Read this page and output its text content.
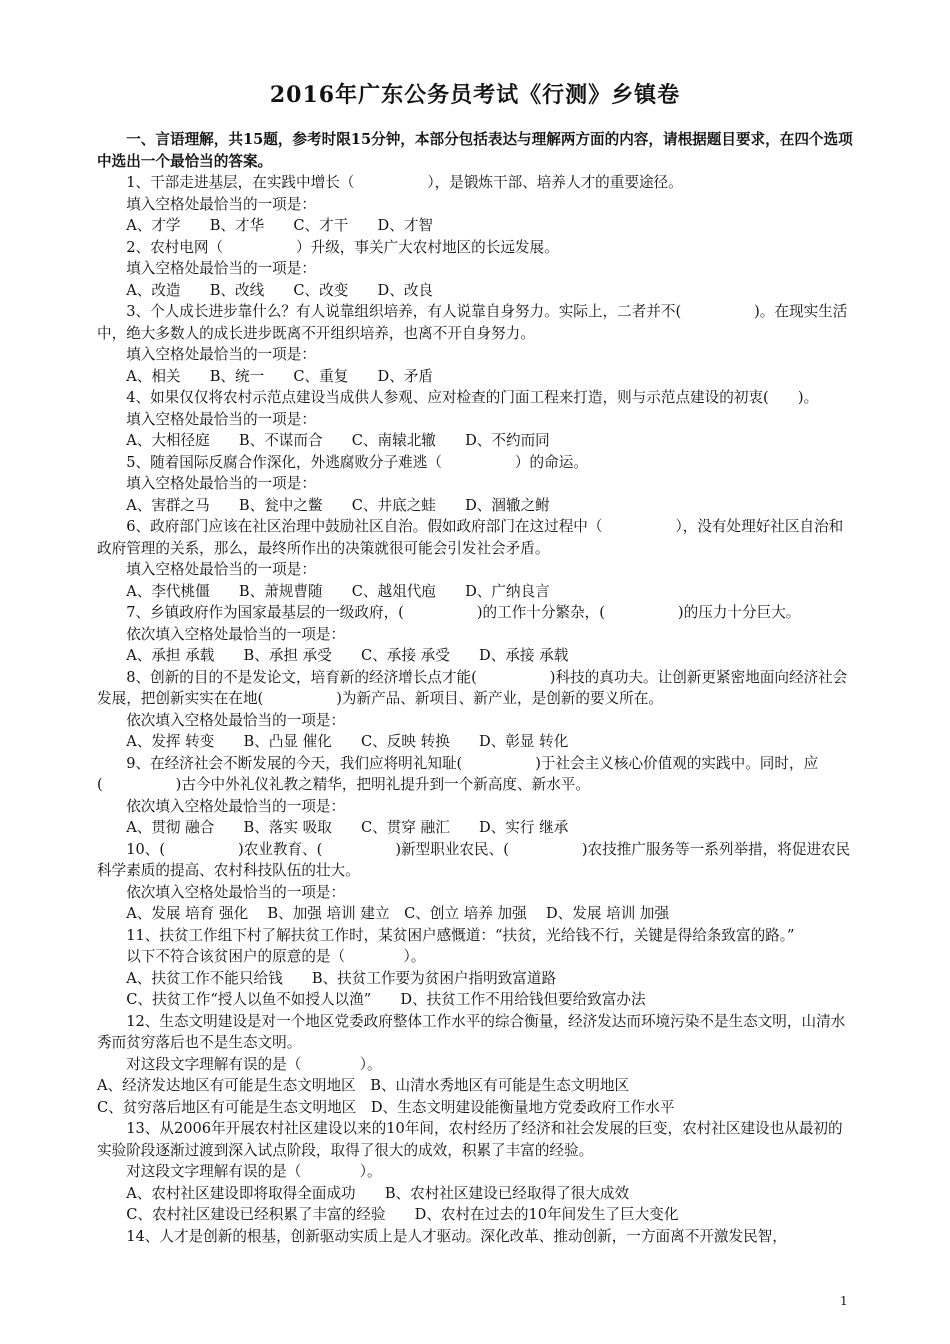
2016年广东公务员考试《行测》乡镇卷

一、言语理解，共15题，参考时限15分钟，本部分包括表达与理解两方面的内容，请根据题目要求，在四个选项中选出一个最恰当的答案。

1、干部走进基层，在实践中增长（　　　　　），是锻炼干部、培养人才的重要途径。

填入空格处最恰当的一项是：

A、才学　　B、才华　　C、才干　　D、才智

2、农村电网（　　　　　）升级，事关广大农村地区的长远发展。

填入空格处最恰当的一项是：

A、改造　　B、改线　　C、改变　　D、改良

3、个人成长进步靠什么？有人说靠组织培养，有人说靠自身努力。实际上，二者并不(　　　　　)。在现实生活中，绝大多数人的成长进步既离不开组织培养，也离不开自身努力。

填入空格处最恰当的一项是：

A、相关　　B、统一　　C、重复　　D、矛盾

4、如果仅仅将农村示范点建设当成供人参观、应对检查的门面工程来打造，则与示范点建设的初衷(　　)。

填入空格处最恰当的一项是：

A、大相径庭　　B、不谋而合　　C、南辕北辙　　D、不约而同

5、随着国际反腐合作深化，外逃腐败分子难逃（　　　　　）的命运。

填入空格处最恰当的一项是：

A、害群之马　　B、瓮中之鳖　　C、井底之蛙　　D、涸辙之鲋

6、政府部门应该在社区治理中鼓励社区自治。假如政府部门在这过程中（　　　　　），没有处理好社区自治和政府管理的关系，那么，最终所作出的决策就很可能会引发社会矛盾。

填入空格处最恰当的一项是：

A、李代桃僵　　B、萧规曹随　　C、越俎代庖　　D、广纳良言

7、乡镇政府作为国家最基层的一级政府，(　　　　　)的工作十分繁杂，(　　　　　)的压力十分巨大。

依次填入空格处最恰当的一项是：

A、承担 承载　　B、承担 承受　　C、承接 承受　　D、承接 承载

8、创新的目的不是发论文，培育新的经济增长点才能(　　　　　)科技的真功夫。让创新更紧密地面向经济社会发展，把创新实实在在地(　　　　　)为新产品、新项目、新产业，是创新的要义所在。

依次填入空格处最恰当的一项是：

A、发挥 转变　　B、凸显 催化　　C、反映 转换　　D、彰显 转化

9、在经济社会不断发展的今天，我们应将明礼知耻(　　　　　)于社会主义核心价值观的实践中。同时，应(　　　　　)古今中外礼仪礼教之精华，把明礼提升到一个新高度、新水平。

依次填入空格处最恰当的一项是：

A、贯彻 融合　　B、落实 吸取　　C、贯穿 融汇　　D、实行 继承

10、(　　　　　)农业教育、(　　　　　)新型职业农民、(　　　　　)农技推广服务等一系列举措，将促进农民科学素质的提高、农村科技队伍的壮大。

依次填入空格处最恰当的一项是：

A、发展 培育 强化　 B、加强 培训 建立　C、创立 培养 加强　 D、发展 培训 加强

11、扶贫工作组下村了解扶贫工作时，某贫困户感慨道：“扶贫，光给钱不行，关键是得给条致富的路。”

以下不符合该贫困户的原意的是（　　　　）。

A、扶贫工作不能只给钱　　B、扶贫工作要为贫困户指明致富道路

C、扶贫工作“授人以鱼不如授人以渔”　　D、扶贫工作不用给钱但要给致富办法

12、生态文明建设是对一个地区党委政府整体工作水平的综合衡量，经济发达而环境污染不是生态文明，山清水秀而贫穷落后也不是生态文明。

对这段文字理解有误的是（　　　　）。

A、经济发达地区有可能是生态文明地区　B、山清水秀地区有可能是生态文明地区

C、贫穷落后地区有可能是生态文明地区　D、生态文明建设能衡量地方党委政府工作水平

13、从2006年开展农村社区建设以来的10年间，农村经历了经济和社会发展的巨变，农村社区建设也从最初的实验阶段逐渐过渡到深入试点阶段，取得了很大的成效，积累了丰富的经验。

对这段文字理解有误的是（　　　　）。

A、农村社区建设即将取得全面成功　　B、农村社区建设已经取得了很大成效

C、农村社区建设已经积累了丰富的经验　　D、农村在过去的10年间发生了巨大变化

14、人才是创新的根基，创新驱动实质上是人才驱动。深化改革、推动创新，一方面离不开激发民智，

1
